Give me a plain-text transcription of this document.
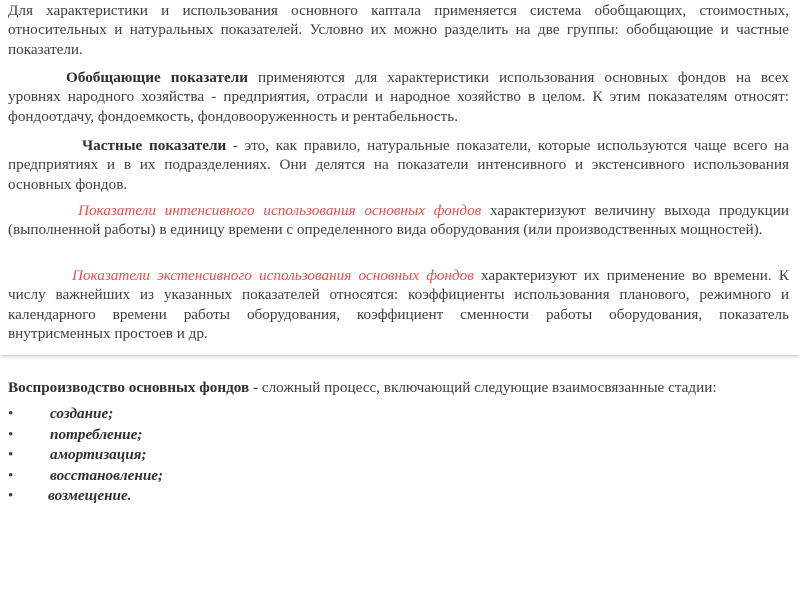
Для характеристики и использования основного каптала применяется система обобщающих, стоимостных, относительных и натуральных показателей. Условно их можно разделить на две группы: обобщающие и частные показатели.
Обобщающие показатели применяются для характеристики использования основных фондов на всех уровнях народного хозяйства - предприятия, отрасли и народное хозяйство в целом. К этим показателям относят: фондоотдачу, фондоемкость, фондовооруженность и рентабельность.
Частные показатели - это, как правило, натуральные показатели, которые используются чаще всего на предприятиях и в их подразделениях. Они делятся на показатели интенсивного и экстенсивного использования основных фондов.
Показатели интенсивного использования основных фондов характеризуют величину выхода продукции (выполненной работы) в единицу времени с определенного вида оборудования (или производственных мощностей).
Показатели экстенсивного использования основных фондов характеризуют их применение во времени. К числу важнейших из указанных показателей относятся: коэффициенты использования планового, режимного и календарного времени работы оборудования, коэффициент сменности работы оборудования, показатель внутрисменных простоев и др.
Воспроизводство основных фондов - сложный процесс, включающий следующие взаимосвязанные стадии:
• создание;
• потребление;
• амортизация;
• восстановление;
• возмещение.
